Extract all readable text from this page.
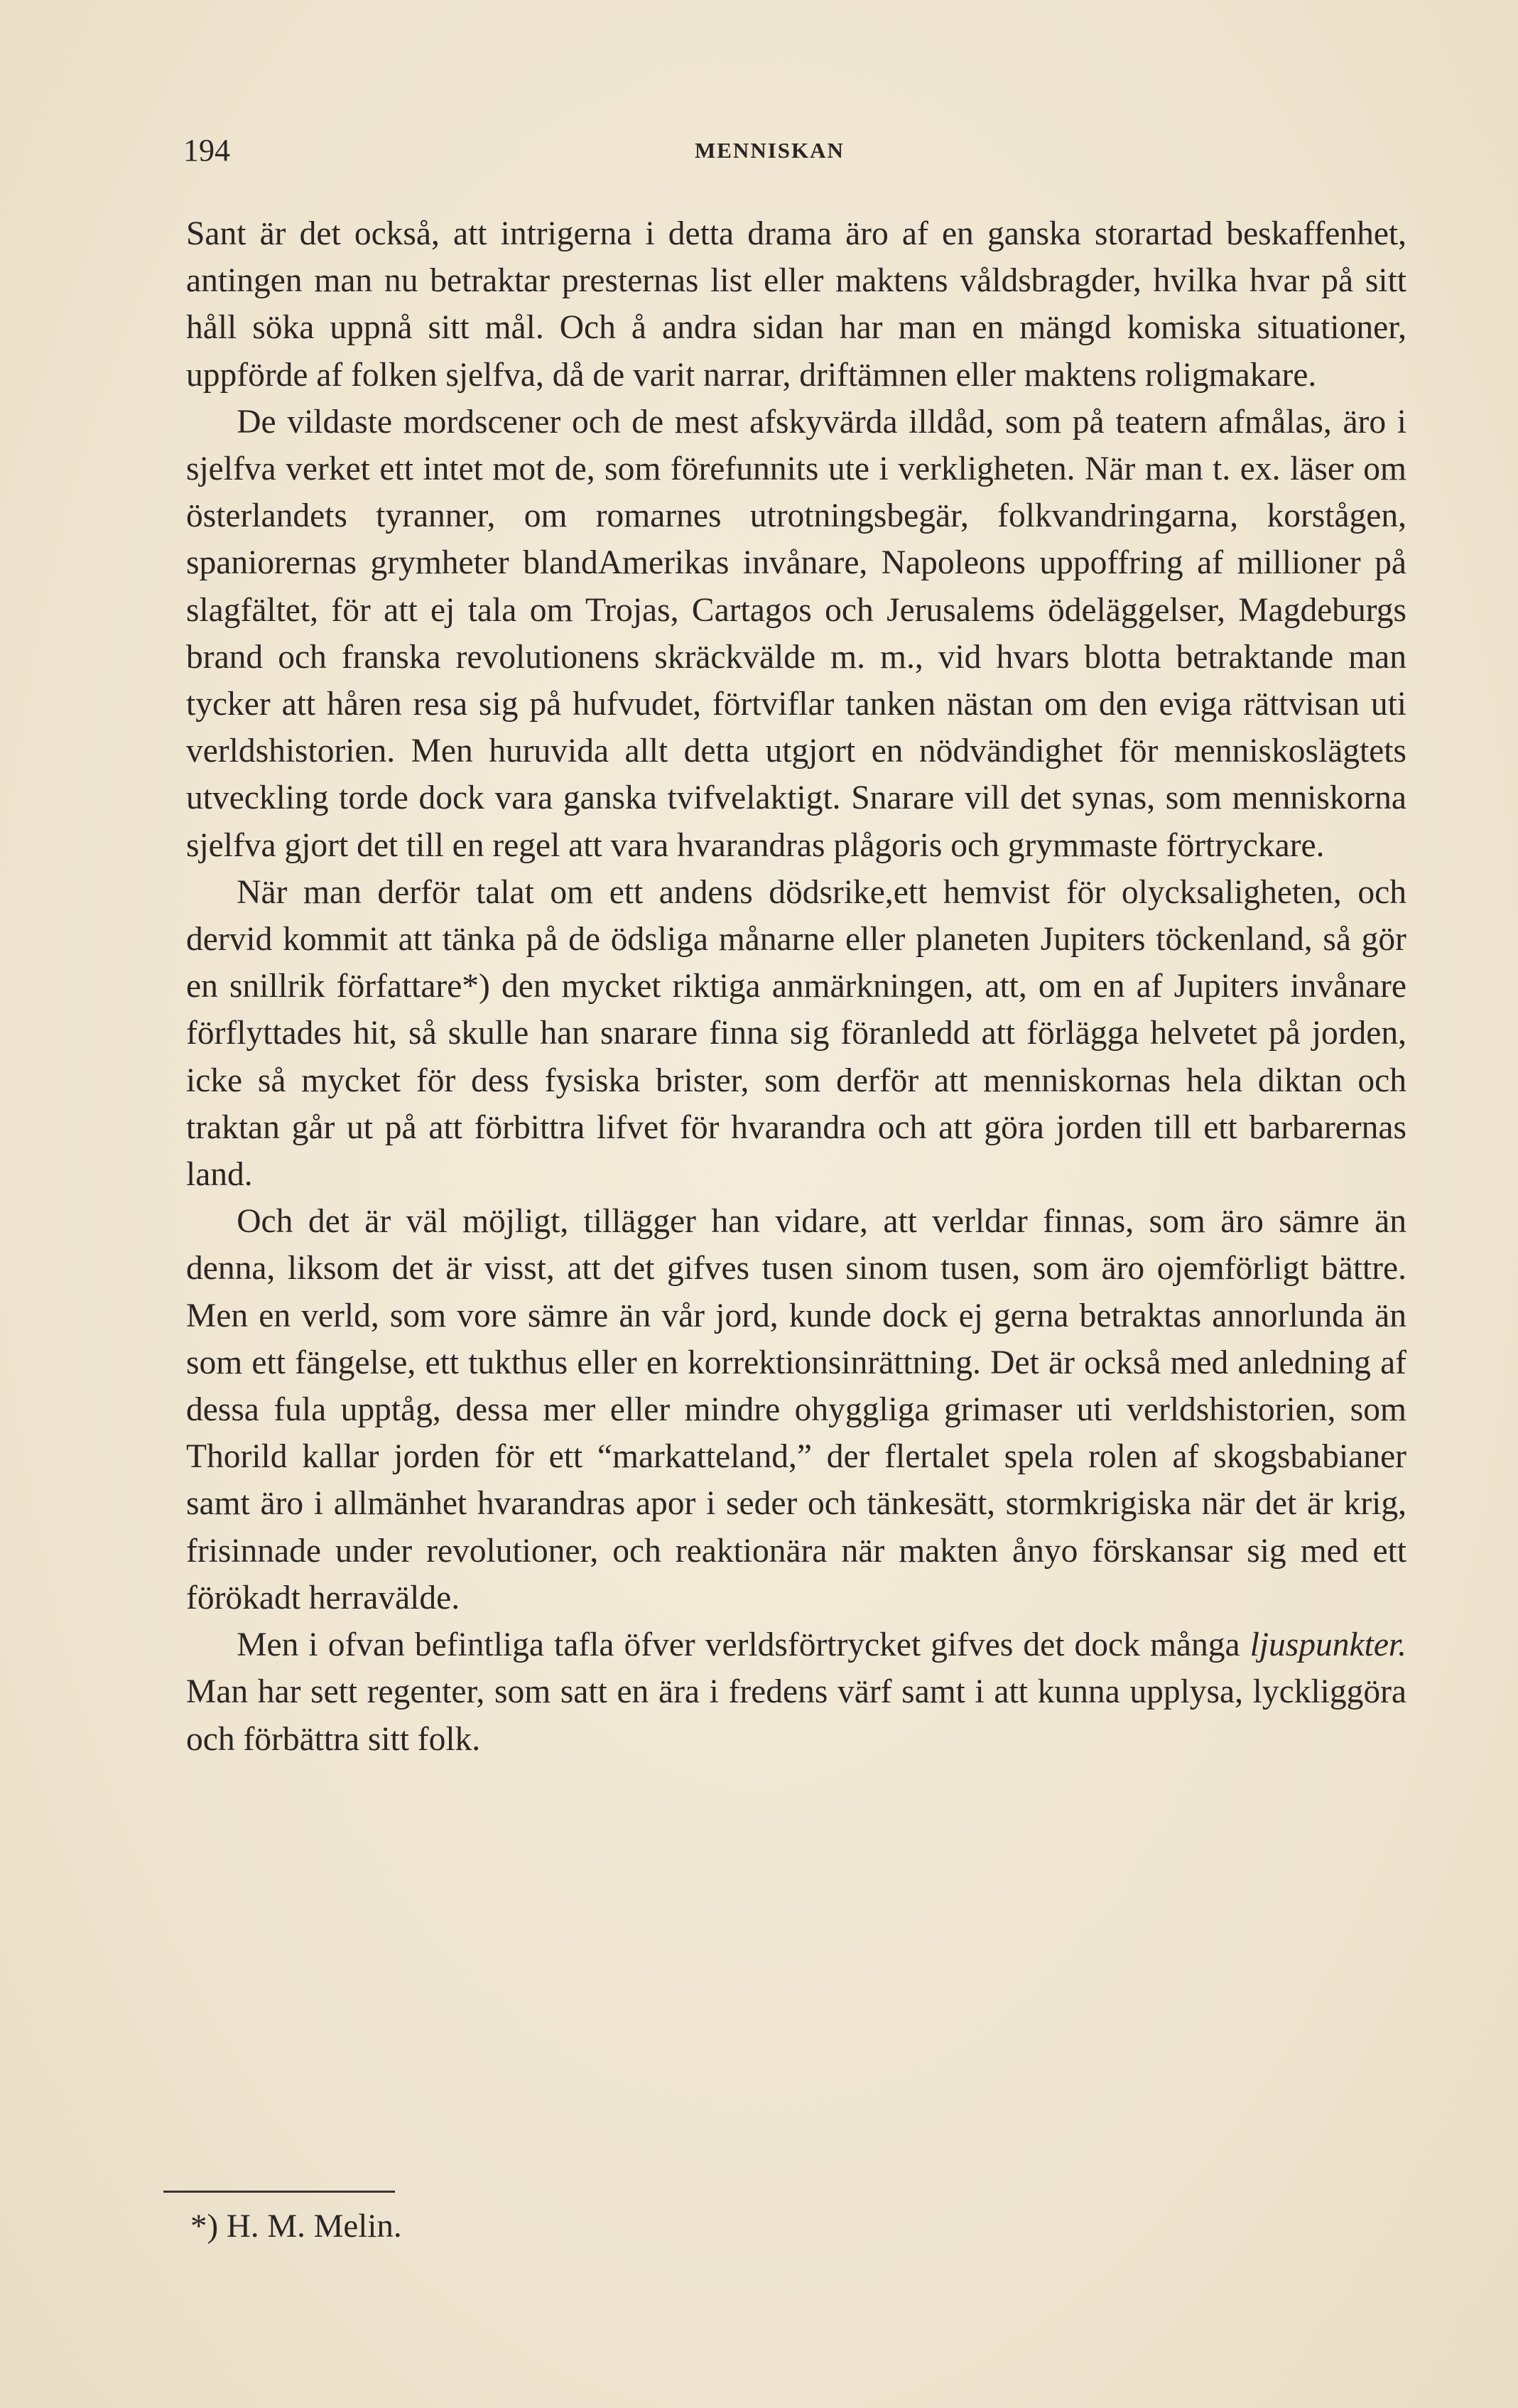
194	MENNISKAN

Sant är det också, att intrigerna i detta drama äro af en ganska storartad beskaffenhet, antingen man nu betraktar presternas list eller maktens våldsbragder, hvilka hvar på sitt håll söka uppnå sitt mål. Och å andra sidan har man en mängd komiska situationer, uppförde af folken sjelfva, då de varit narrar, driftämnen eller maktens roligmakare.

De vildaste mordscener och de mest afskyvärda illdåd, som på teatern afmålas, äro i sjelfva verket ett intet mot de, som förefunnits ute i verkligheten. När man t. ex. läser om österlandets tyranner, om romarnes utrotningsbegär, folkvandringarna, korstågen, spaniorernas grymheter blandAmerikas invånare, Napoleons uppoffring af millioner på slagfältet, för att ej tala om Trojas, Cartagos och Jerusalems ödeläggelser, Magdeburgs brand och franska revolutionens skräckvälde m. m., vid hvars blotta betraktande man tycker att håren resa sig på hufvudet, förtviflar tanken nästan om den eviga rättvisan uti verldshistorien. Men huruvida allt detta utgjort en nödvändighet för menniskoslägtets utveckling torde dock vara ganska tvifvelaktigt. Snarare vill det synas, som menniskorna sjelfva gjort det till en regel att vara hvarandras plågoris och grymmaste förtryckare.

När man derför talat om ett andens dödsrike,ett hemvist för olycksaligheten, och dervid kommit att tänka på de ödsliga månarne eller planeten Jupiters töckenland, så gör en snillrik författare*) den mycket riktiga anmärkningen, att, om en af Jupiters invånare förflyttades hit, så skulle han snarare finna sig föranledd att förlägga helvetet på jorden, icke så mycket för dess fysiska brister, som derför att menniskornas hela diktan och traktan går ut på att förbittra lifvet för hvarandra och att göra jorden till ett barbarernas land.

Och det är väl möjligt, tillägger han vidare, att verldar finnas, som äro sämre än denna, liksom det är visst, att det gifves tusen sinom tusen, som äro ojemförligt bättre. Men en verld, som vore sämre än vår jord, kunde dock ej gerna betraktas annorlunda än som ett fängelse, ett tukthus eller en korrektionsinrättning. Det är också med anledning af dessa fula upptåg, dessa mer eller mindre ohyggliga grimaser uti verldshistorien, som Thorild kallar jorden för ett “markatteland,” der flertalet spela rolen af skogsbabianer samt äro i allmänhet hvarandras apor i seder och tänkesätt, stormkrigiska när det är krig, frisinnade under revolutioner, och reaktionära när makten ånyo förskansar sig med ett förökadt herravälde.

Men i ofvan befintliga tafla öfver verldsförtrycket gifves det dock många ljuspunkter. Man har sett regenter, som satt en ära i fredens värf samt i att kunna upplysa, lyckliggöra och förbättra sitt folk.

*) H. M. Melin.
